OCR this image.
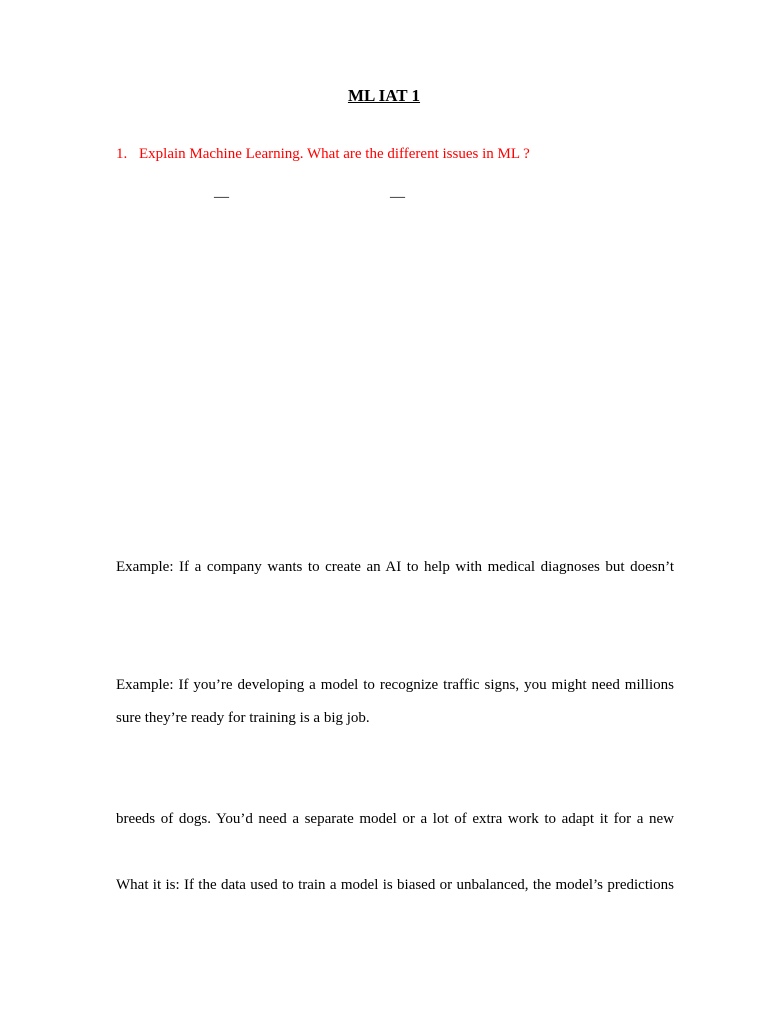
ML IAT 1
1. Explain Machine Learning. What are the different issues in ML ?
—	—
Example: If a company wants to create an AI to help with medical diagnoses but doesn’t
Example: If you’re developing a model to recognize traffic signs, you might need millions
sure they’re ready for training is a big job.
breeds of dogs. You’d need a separate model or a lot of extra work to adapt it for a new
What it is: If the data used to train a model is biased or unbalanced, the model’s predictions
